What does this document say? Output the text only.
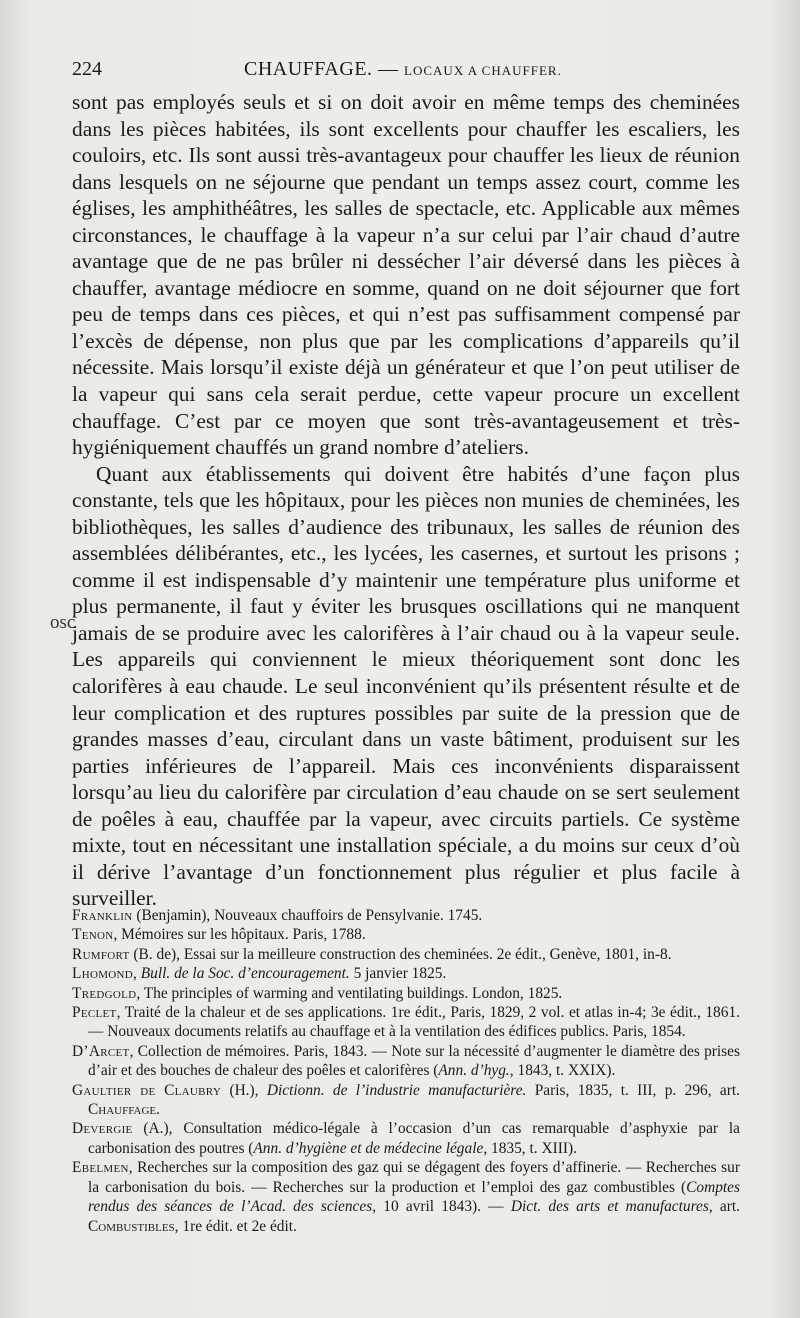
224	CHAUFFAGE. — LOCAUX A CHAUFFER.

sont pas employés seuls et si on doit avoir en même temps des cheminées dans les pièces habitées, ils sont excellents pour chauffer les escaliers, les couloirs, etc. Ils sont aussi très-avantageux pour chauffer les lieux de réunion dans lesquels on ne séjourne que pendant un temps assez court, comme les églises, les amphithéâtres, les salles de spectacle, etc. Applicable aux mêmes circonstances, le chauffage à la vapeur n’a sur celui par l’air chaud d’autre avantage que de ne pas brûler ni dessécher l’air déversé dans les pièces à chauffer, avantage médiocre en somme, quand on ne doit séjourner que fort peu de temps dans ces pièces, et qui n’est pas suffisamment compensé par l’excès de dépense, non plus que par les complications d’appareils qu’il nécessite. Mais lorsqu’il existe déjà un générateur et que l’on peut utiliser de la vapeur qui sans cela serait perdue, cette vapeur procure un excellent chauffage. C’est par ce moyen que sont très-avantageusement et très-hygiéniquement chauffés un grand nombre d’ateliers.

Quant aux établissements qui doivent être habités d’une façon plus constante, tels que les hôpitaux, pour les pièces non munies de cheminées, les bibliothèques, les salles d’audience des tribunaux, les salles de réunion des assemblées délibérantes, etc., les lycées, les casernes, et surtout les prisons ; comme il est indispensable d’y maintenir une température plus uniforme et plus permanente, il faut y éviter les brusques oscillations qui ne manquent jamais de se produire avec les calorifères à l’air chaud ou à la vapeur seule. Les appareils qui conviennent le mieux théoriquement sont donc les calorifères à eau chaude. Le seul inconvénient qu’ils présentent résulte et de leur complication et des ruptures possibles par suite de la pression que de grandes masses d’eau, circulant dans un vaste bâtiment, produisent sur les parties inférieures de l’appareil. Mais ces inconvénients disparaissent lorsqu’au lieu du calorifère par circulation d’eau chaude on se sert seulement de poêles à eau, chauffée par la vapeur, avec circuits partiels. Ce système mixte, tout en nécessitant une installation spéciale, a du moins sur ceux d’où il dérive l’avantage d’un fonctionnement plus régulier et plus facile à surveiller.

osc

Franklin (Benjamin), Nouveaux chauffoirs de Pensylvanie. 1745.

Tenon, Mémoires sur les hôpitaux. Paris, 1788.

Rumfort (B. de), Essai sur la meilleure construction des cheminées. 2e édit., Genève, 1801, in-8.

Lhomond, Bull. de la Soc. d’encouragement. 5 janvier 1825.

Tredgold, The principles of warming and ventilating buildings. London, 1825.

Peclet, Traité de la chaleur et de ses applications. 1re édit., Paris, 1829, 2 vol. et atlas in-4; 3e édit., 1861. — Nouveaux documents relatifs au chauffage et à la ventilation des édifices publics. Paris, 1854.

D’Arcet, Collection de mémoires. Paris, 1843. — Note sur la nécessité d’augmenter le diamètre des prises d’air et des bouches de chaleur des poêles et calorifères (Ann. d’hyg., 1843, t. XXIX).

Gaultier de Claubry (H.), Dictionn. de l’industrie manufacturière. Paris, 1835, t. III, p. 296, art. Chauffage.

Devergie (A.), Consultation médico-légale à l’occasion d’un cas remarquable d’asphyxie par la carbonisation des poutres (Ann. d’hygiène et de médecine légale, 1835, t. XIII).

Ebelmen, Recherches sur la composition des gaz qui se dégagent des foyers d’affinerie. — Recherches sur la carbonisation du bois. — Recherches sur la production et l’emploi des gaz combustibles (Comptes rendus des séances de l’Acad. des sciences, 10 avril 1843). — Dict. des arts et manufactures, art. Combustibles, 1re édit. et 2e édit.
